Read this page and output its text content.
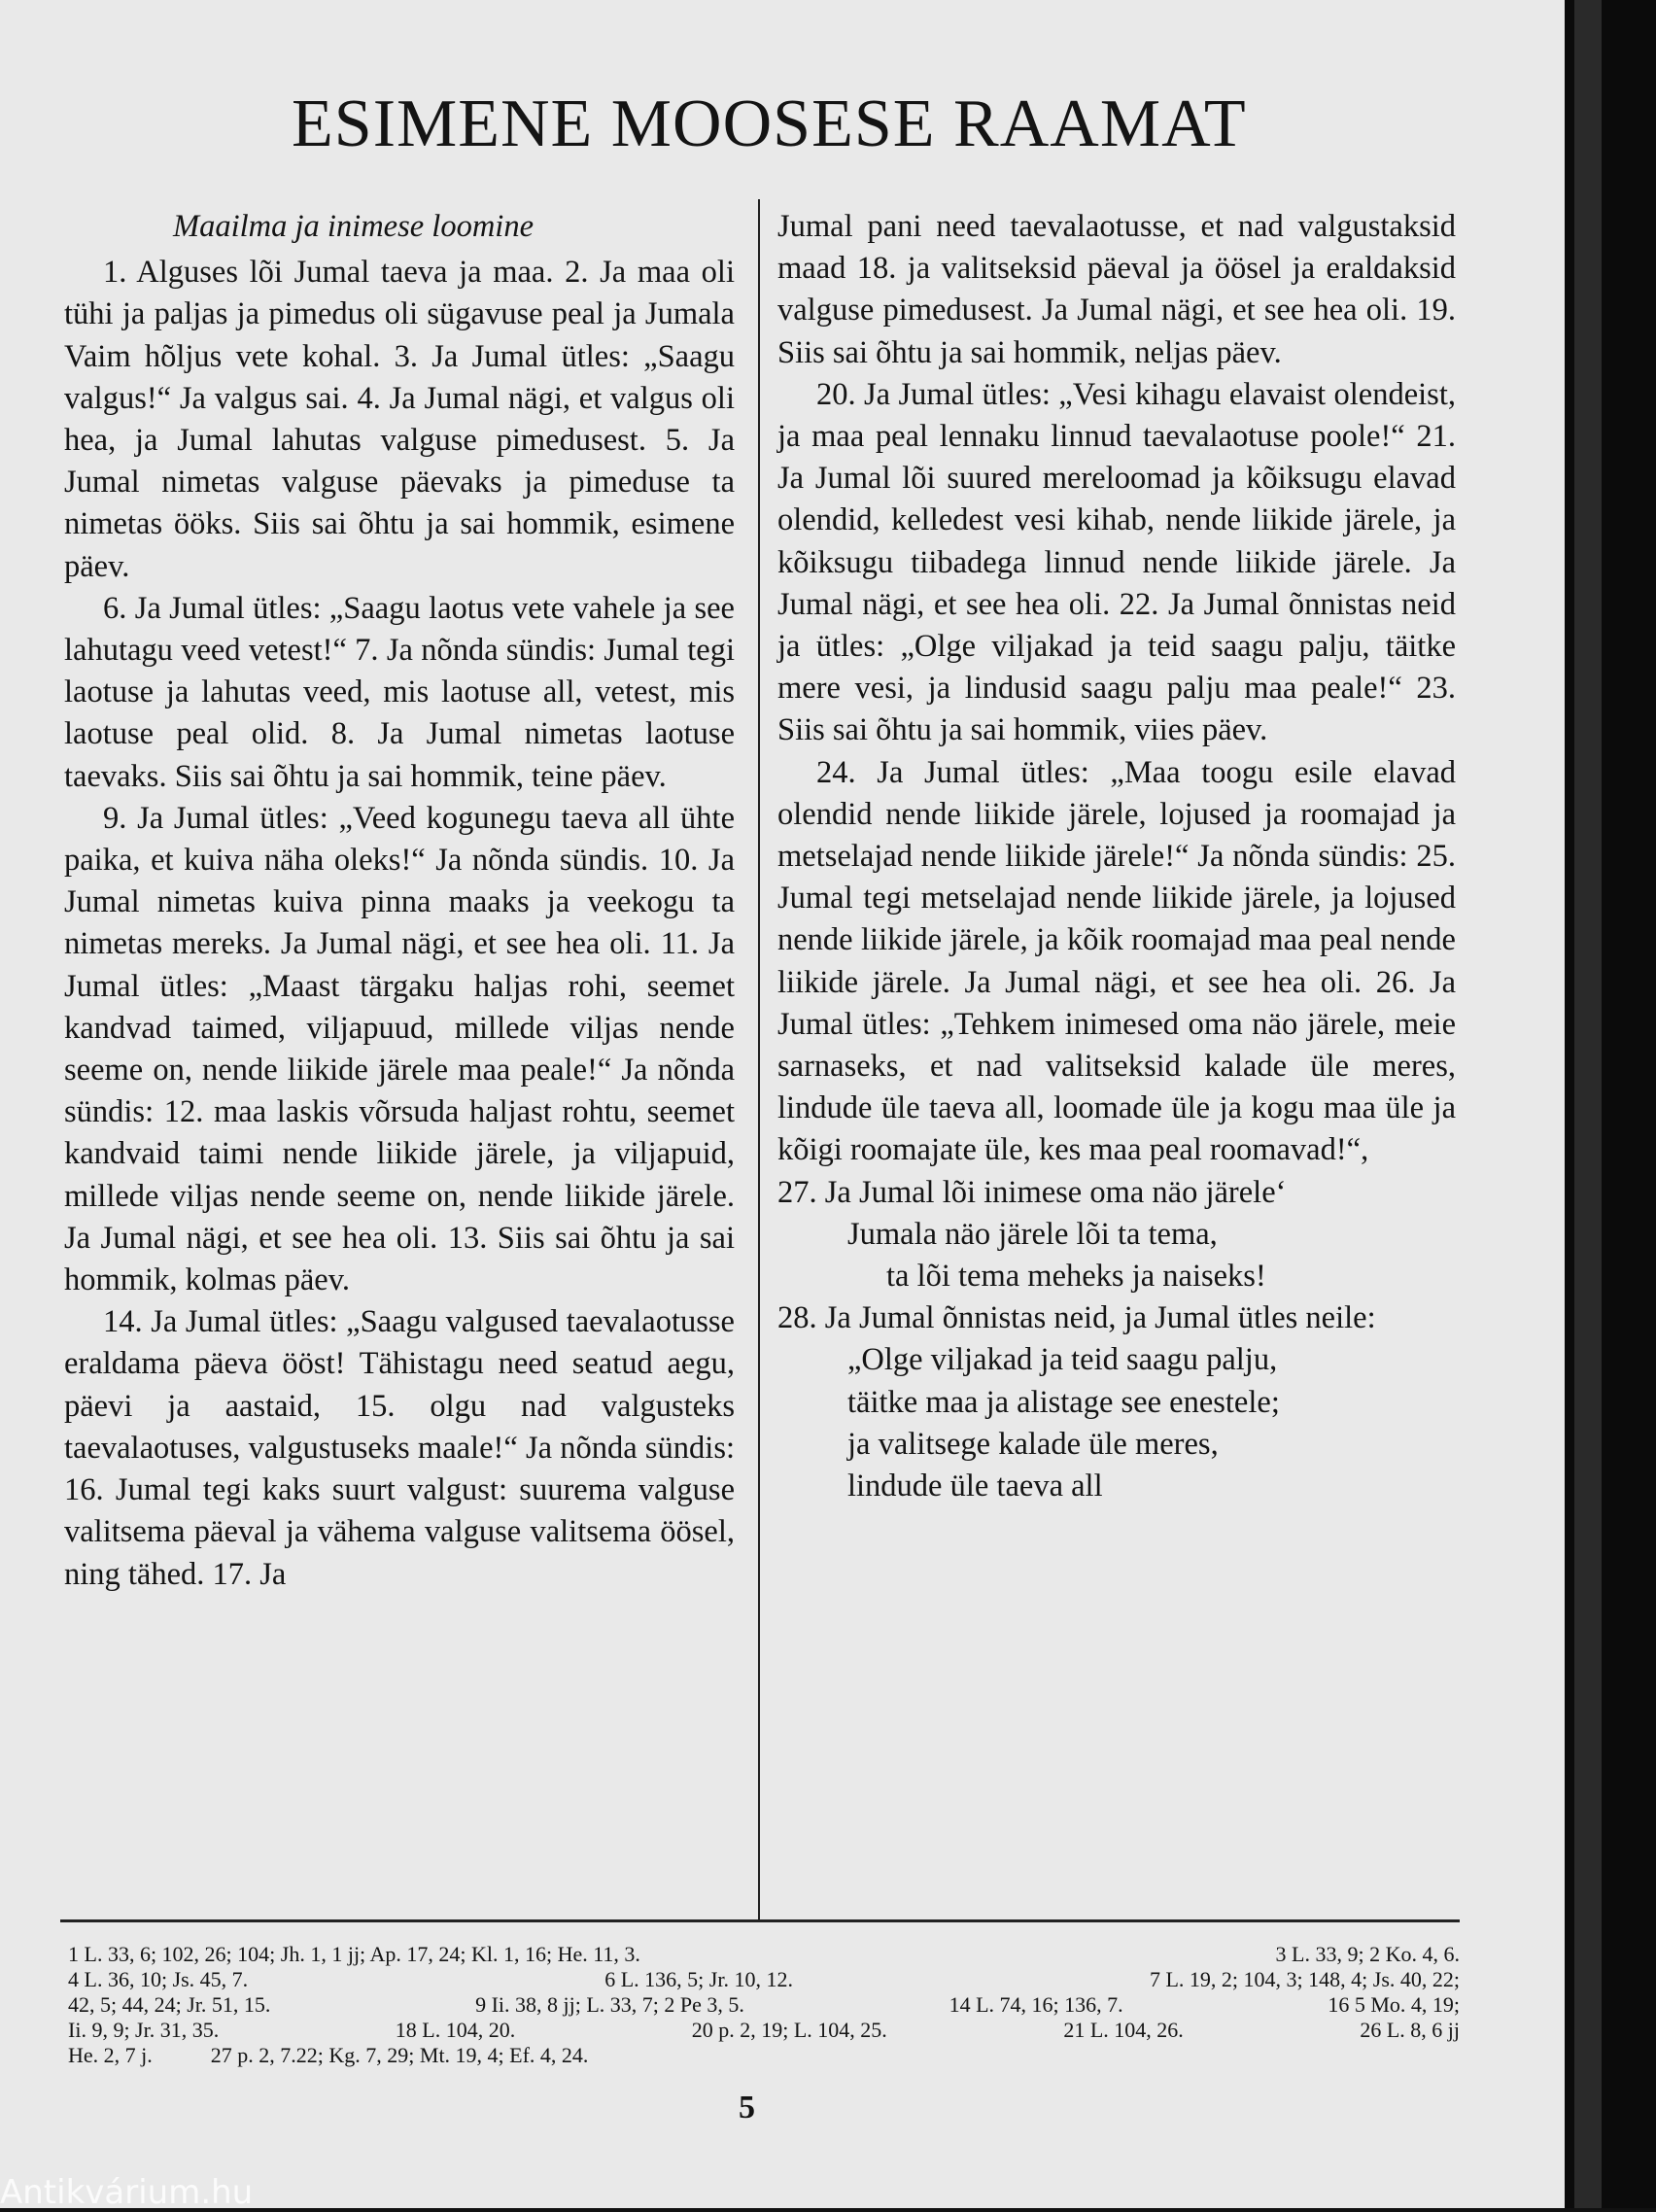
ESIMENE MOOSESE RAAMAT

Maailma ja inimese loomine

1. Alguses lõi Jumal taeva ja maa. 2. Ja maa oli tühi ja paljas ja pimedus oli sügavuse peal ja Jumala Vaim hõljus vete kohal. 3. Ja Jumal ütles: „Saagu valgus!“ Ja valgus sai. 4. Ja Jumal nägi, et valgus oli hea, ja Jumal lahutas valguse pimedusest. 5. Ja Jumal nimetas valguse päevaks ja pimeduse ta nimetas ööks. Siis sai õhtu ja sai hommik, esimene päev.

6. Ja Jumal ütles: „Saagu laotus vete vahele ja see lahutagu veed vetest!“ 7. Ja nõnda sündis: Jumal tegi laotuse ja lahutas veed, mis laotuse all, vetest, mis laotuse peal olid. 8. Ja Jumal nimetas laotuse taevaks. Siis sai õhtu ja sai hommik, teine päev.

9. Ja Jumal ütles: „Veed kogunegu taeva all ühte paika, et kuiva näha oleks!“ Ja nõnda sündis. 10. Ja Jumal nimetas kuiva pinna maaks ja veekogu ta nimetas mereks. Ja Jumal nägi, et see hea oli. 11. Ja Jumal ütles: „Maast tärgaku haljas rohi, seemet kandvad taimed, viljapuud, millede viljas nende seeme on, nende liikide järele maa peale!“ Ja nõnda sündis: 12. maa laskis võrsuda haljast rohtu, seemet kandvaid taimi nende liikide järele, ja viljapuid, millede viljas nende seeme on, nende liikide järele. Ja Jumal nägi, et see hea oli. 13. Siis sai õhtu ja sai hommik, kolmas päev.

14. Ja Jumal ütles: „Saagu valgused taevalaotusse eraldama päeva ööst! Tähistagu need seatud aegu, päevi ja aastaid, 15. olgu nad valgusteks taevalaotuses, valgustuseks maale!“ Ja nõnda sündis: 16. Jumal tegi kaks suurt valgust: suurema valguse valitsema päeval ja vähema valguse valitsema öösel, ning tähed. 17. Ja

Jumal pani need taevalaotusse, et nad valgustaksid maad 18. ja valitseksid päeval ja öösel ja eraldaksid valguse pimedusest. Ja Jumal nägi, et see hea oli. 19. Siis sai õhtu ja sai hommik, neljas päev.

20. Ja Jumal ütles: „Vesi kihagu elavaist olendeist, ja maa peal lennaku linnud taevalaotuse poole!“ 21. Ja Jumal lõi suured mereloomad ja kõiksugu elavad olendid, kelledest vesi kihab, nende liikide järele, ja kõiksugu tiibadega linnud nende liikide järele. Ja Jumal nägi, et see hea oli. 22. Ja Jumal õnnistas neid ja ütles: „Olge viljakad ja teid saagu palju, täitke mere vesi, ja lindusid saagu palju maa peale!“ 23. Siis sai õhtu ja sai hommik, viies päev.

24. Ja Jumal ütles: „Maa toogu esile elavad olendid nende liikide järele, lojused ja roomajad ja metselajad nende liikide järele!“ Ja nõnda sündis: 25. Jumal tegi metselajad nende liikide järele, ja lojused nende liikide järele, ja kõik roomajad maa peal nende liikide järele. Ja Jumal nägi, et see hea oli. 26. Ja Jumal ütles: „Tehkem inimesed oma näo järele, meie sarnaseks, et nad valitseksid kalade üle meres, lindude üle taeva all, loomade üle ja kogu maa üle ja kõigi roomajate üle, kes maa peal roomavad!“,

27. Ja Jumal lõi inimese oma näo järele‘

Jumala näo järele lõi ta tema,

ta lõi tema meheks ja naiseks!

28. Ja Jumal õnnistas neid, ja Jumal ütles neile:

„Olge viljakad ja teid saagu palju,

täitke maa ja alistage see enestele;

ja valitsege kalade üle meres,

lindude üle taeva all

1 L. 33, 6; 102, 26; 104; Jh. 1, 1 jj; Ap. 17, 24; Kl. 1, 16; He. 11, 3.	3 L. 33, 9; 2 Ko. 4, 6.
4 L. 36, 10; Js. 45, 7.	6 L. 136, 5; Jr. 10, 12.	7 L. 19, 2; 104, 3; 148, 4; Js. 40, 22;
42, 5; 44, 24; Jr. 51, 15.	9 Ii. 38, 8 jj; L. 33, 7; 2 Pe 3, 5.	14 L. 74, 16; 136, 7.	16 5 Mo. 4, 19;
Ii. 9, 9; Jr. 31, 35.	18 L. 104, 20.	20 p. 2, 19; L. 104, 25.	21 L. 104, 26.	26 L. 8, 6 jj
He. 2, 7 j.	27 p. 2, 7.22; Kg. 7, 29; Mt. 19, 4; Ef. 4, 24.
5
Antikvárium.hu
